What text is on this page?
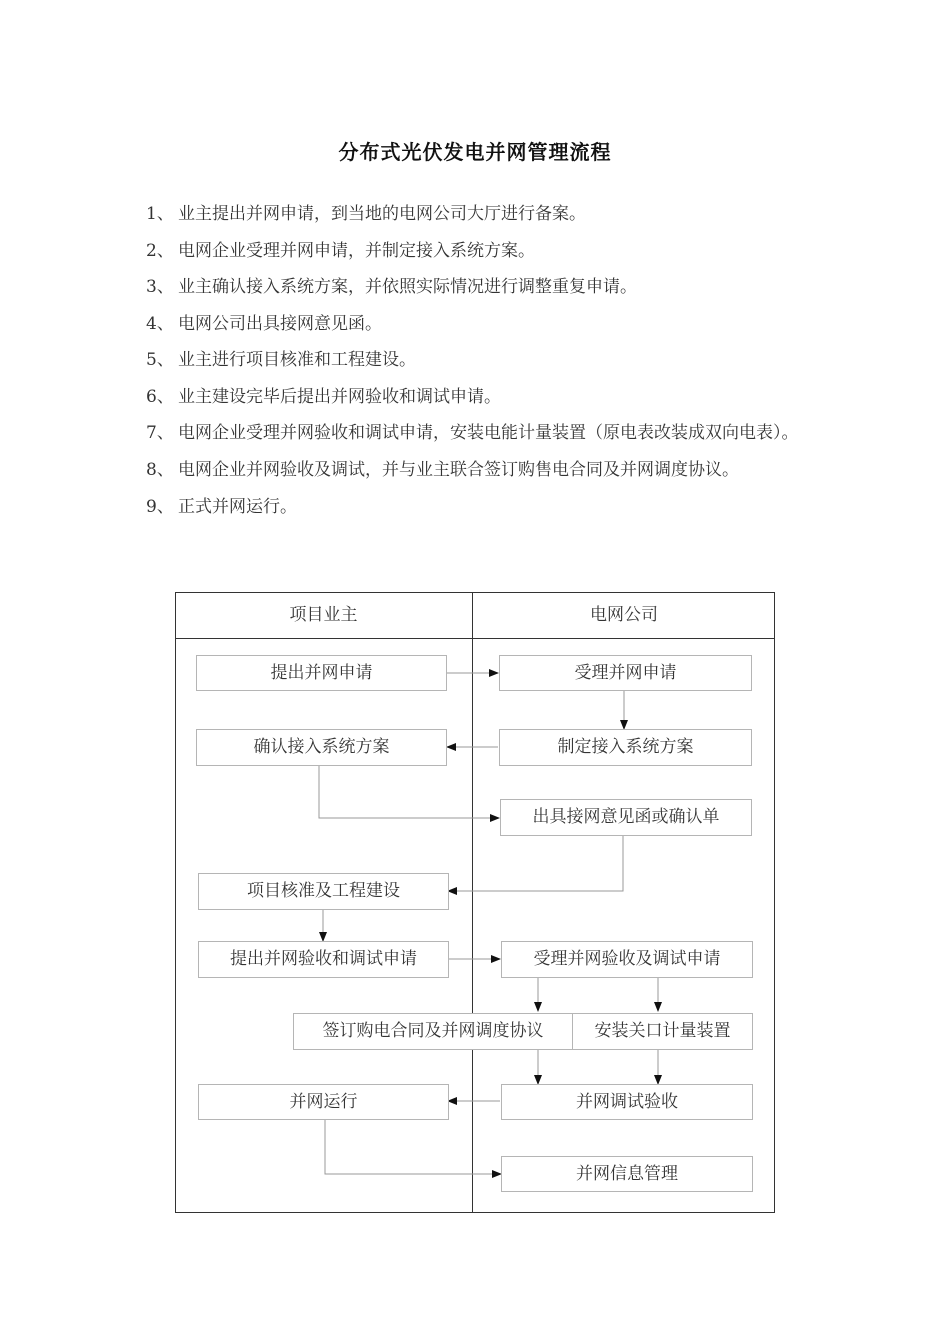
分布式光伏发电并网管理流程
1、 业主提出并网申请，到当地的电网公司大厅进行备案。
2、 电网企业受理并网申请，并制定接入系统方案。
3、 业主确认接入系统方案，并依照实际情况进行调整重复申请。
4、 电网公司出具接网意见函。
5、 业主进行项目核准和工程建设。
6、 业主建设完毕后提出并网验收和调试申请。
7、 电网企业受理并网验收和调试申请，安装电能计量装置（原电表改装成双向电表）。
8、 电网企业并网验收及调试，并与业主联合签订购售电合同及并网调度协议。
9、 正式并网运行。
项目业主	电网公司
提出并网申请	受理并网申请
制定接入系统方案
确认接入系统方案
出具接网意见函或确认单
项目核准及工程建设
提出并网验收和调试申请	受理并网验收及调试申请
签订购电合同及并网调度协议	安装关口计量装置
并网运行	并网调试验收
并网信息管理
